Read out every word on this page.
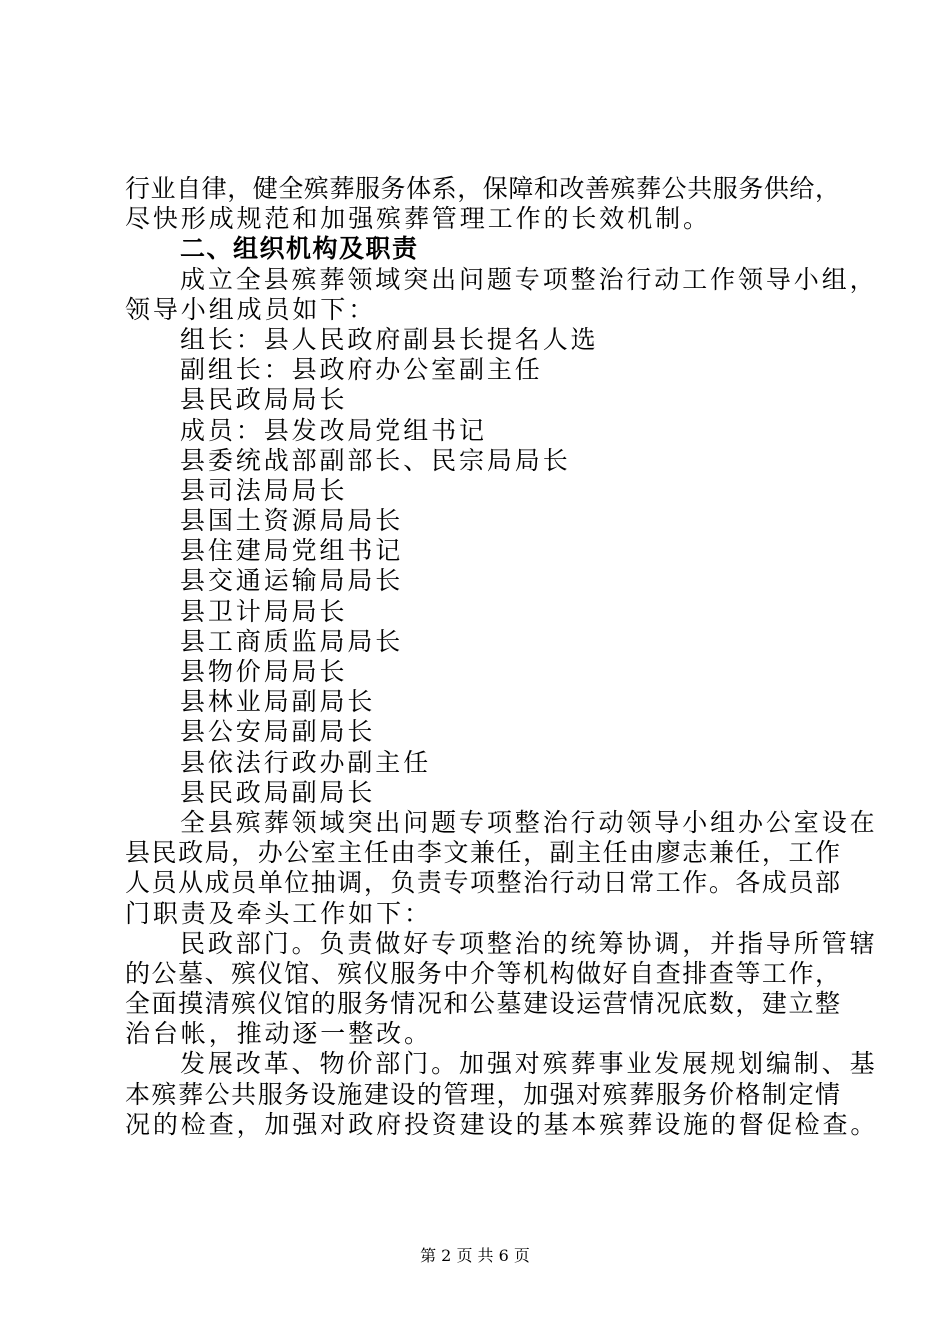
行业自律，健全殡葬服务体系，保障和改善殡葬公共服务供给，
尽快形成规范和加强殡葬管理工作的长效机制。
二、组织机构及职责
成立全县殡葬领域突出问题专项整治行动工作领导小组，
领导小组成员如下：
组长：县人民政府副县长提名人选
副组长：县政府办公室副主任
县民政局局长
成员：县发改局党组书记
县委统战部副部长、民宗局局长
县司法局局长
县国土资源局局长
县住建局党组书记
县交通运输局局长
县卫计局局长
县工商质监局局长
县物价局局长
县林业局副局长
县公安局副局长
县依法行政办副主任
县民政局副局长
全县殡葬领域突出问题专项整治行动领导小组办公室设在
县民政局，办公室主任由李文兼任，副主任由廖志兼任，工作
人员从成员单位抽调，负责专项整治行动日常工作。各成员部
门职责及牵头工作如下：
民政部门。负责做好专项整治的统筹协调，并指导所管辖
的公墓、殡仪馆、殡仪服务中介等机构做好自查排查等工作，
全面摸清殡仪馆的服务情况和公墓建设运营情况底数，建立整
治台帐，推动逐一整改。
发展改革、物价部门。加强对殡葬事业发展规划编制、基
本殡葬公共服务设施建设的管理，加强对殡葬服务价格制定情
况的检查，加强对政府投资建设的基本殡葬设施的督促检查。
第 2 页 共 6 页
